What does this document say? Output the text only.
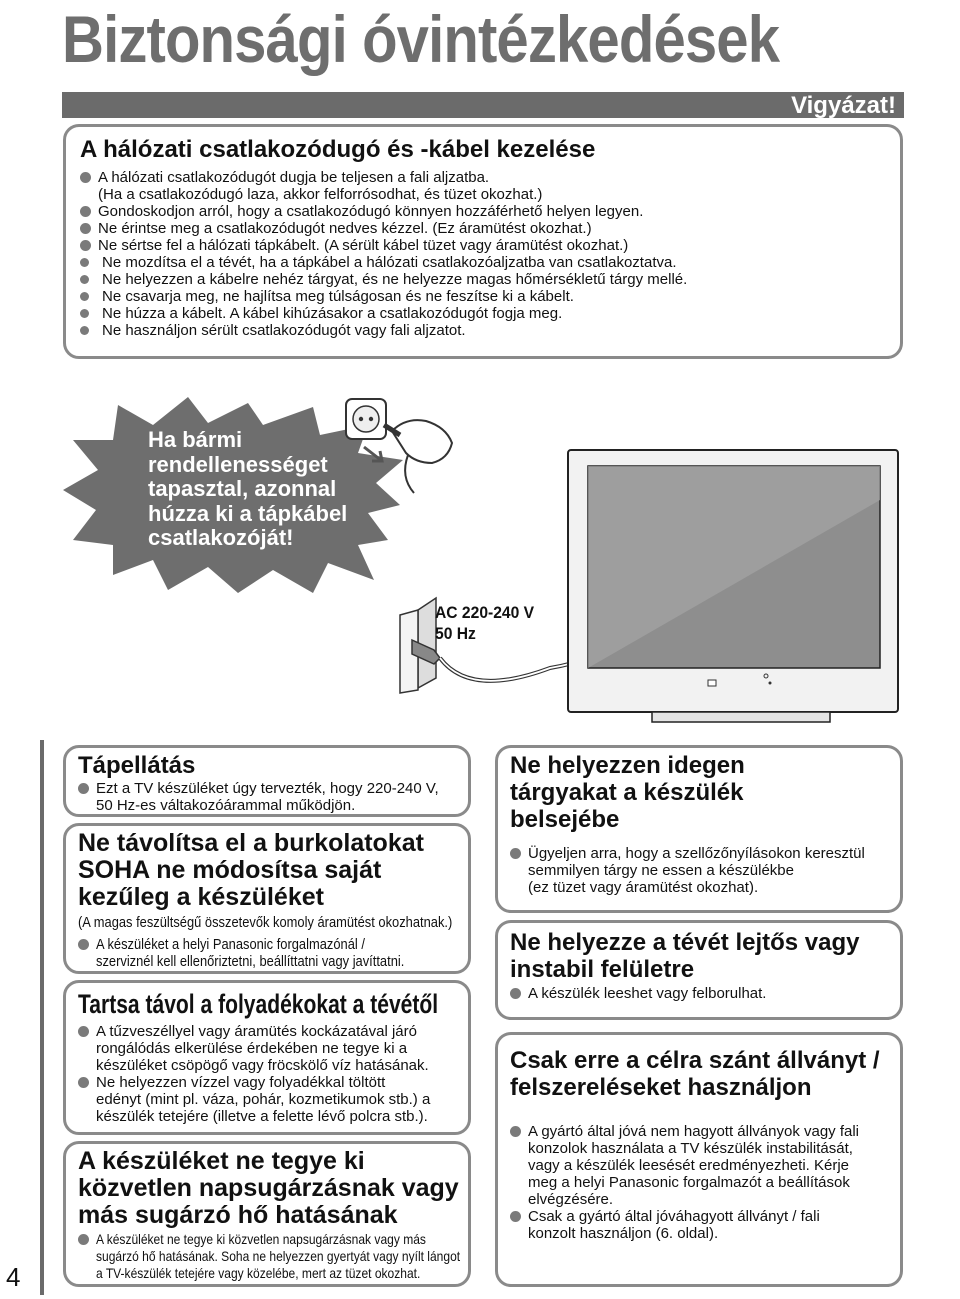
Biztonsági óvintézkedések
Vigyázat!
A hálózati csatlakozódugó és -kábel kezelése
A hálózati csatlakozódugót dugja be teljesen a fali aljzatba.
(Ha a csatlakozódugó laza, akkor felforrósodhat, és tüzet okozhat.)
Gondoskodjon arról, hogy a csatlakozódugó könnyen hozzáférhető helyen legyen.
Ne érintse meg a csatlakozódugót nedves kézzel. (Ez áramütést okozhat.)
Ne sértse fel a hálózati tápkábelt. (A sérült kábel tüzet vagy áramütést okozhat.)
Ne mozdítsa el a tévét, ha a tápkábel a hálózati csatlakozóaljzatba van csatlakoztatva.
Ne helyezzen a kábelre nehéz tárgyat, és ne helyezze magas hőmérsékletű tárgy mellé.
Ne csavarja meg, ne hajlítsa meg túlságosan és ne feszítse ki a kábelt.
Ne húzza a kábelt. A kábel kihúzásakor a csatlakozódugót fogja meg.
Ne használjon sérült csatlakozódugót vagy fali aljzatot.
Ha bármi
rendellenességet
tapasztal, azonnal
húzza ki a tápkábel
csatlakozóját!
AC 220-240 V
50 Hz
4
Tápellátás
Ezt a TV készüléket úgy tervezték, hogy 220-240 V,
50 Hz-es váltakozóárammal működjön.
Ne távolítsa el a burkolatokat
SOHA ne módosítsa saját
kezűleg a készüléket
(A magas feszültségű összetevők komoly áramütést okozhatnak.)
A készüléket a helyi Panasonic forgalmazónál /
szerviznél kell ellenőriztetni, beállíttatni vagy javíttatni.
Tartsa távol a folyadékokat a tévétől
A tűzveszéllyel vagy áramütés kockázatával járó
rongálódás elkerülése érdekében ne tegye ki a
készüléket csöpögő vagy fröcskölő víz hatásának.
Ne helyezzen vízzel vagy folyadékkal töltött
edényt (mint pl. váza, pohár, kozmetikumok stb.) a
készülék tetejére (illetve a felette lévő polcra stb.).
A készüléket ne tegye ki
közvetlen napsugárzásnak vagy
más sugárzó hő hatásának
A készüléket ne tegye ki közvetlen napsugárzásnak vagy más
sugárzó hő hatásának. Soha ne helyezzen gyertyát vagy nyílt lángot
a TV-készülék tetejére vagy közelébe, mert az tüzet okozhat.
Ne helyezzen idegen
tárgyakat a készülék
belsejébe
Ügyeljen arra, hogy a szellőzőnyílásokon keresztül
semmilyen tárgy ne essen a készülékbe
(ez tüzet vagy áramütést okozhat).
Ne helyezze a tévét lejtős vagy
instabil felületre
A készülék leeshet vagy felborulhat.
Csak erre a célra szánt állványt /
felszereléseket használjon
A gyártó által jóvá nem hagyott állványok vagy fali
konzolok használata a TV készülék instabilitását,
vagy a készülék leesését eredményezheti. Kérje
meg a helyi Panasonic forgalmazót a beállítások
elvégzésére.
Csak a gyártó által jóváhagyott állványt / fali
konzolt használjon (6. oldal).
